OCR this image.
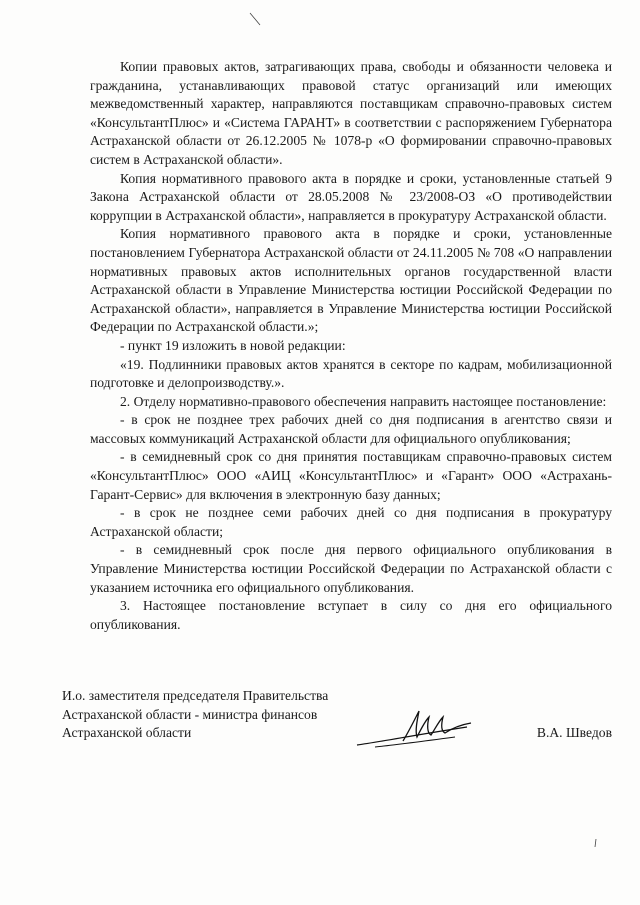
Копии правовых актов, затрагивающих права, свободы и обязанности человека и гражданина, устанавливающих правовой статус организаций или имеющих межведомственный характер, направляются поставщикам справочно-правовых систем «КонсультантПлюс» и «Система ГАРАНТ» в соответствии с распоряжением Губернатора Астраханской области от 26.12.2005 № 1078-р «О формировании справочно-правовых систем в Астраханской области».

Копия нормативного правового акта в порядке и сроки, установленные статьей 9 Закона Астраханской области от 28.05.2008 № 23/2008-ОЗ «О противодействии коррупции в Астраханской области», направляется в прокуратуру Астраханской области.

Копия нормативного правового акта в порядке и сроки, установленные постановлением Губернатора Астраханской области от 24.11.2005 № 708 «О направлении нормативных правовых актов исполнительных органов государственной власти Астраханской области в Управление Министерства юстиции Российской Федерации по Астраханской области», направляется в Управление Министерства юстиции Российской Федерации по Астраханской области.»;

- пункт 19 изложить в новой редакции:

«19. Подлинники правовых актов хранятся в секторе по кадрам, мобилизационной подготовке и делопроизводству.».

2. Отделу нормативно-правового обеспечения направить настоящее постановление:

- в срок не позднее трех рабочих дней со дня подписания в агентство связи и массовых коммуникаций Астраханской области для официального опубликования;

- в семидневный срок со дня принятия поставщикам справочно-правовых систем «КонсультантПлюс» ООО «АИЦ «КонсультантПлюс» и «Гарант» ООО «Астрахань-Гарант-Сервис» для включения в электронную базу данных;

- в срок не позднее семи рабочих дней со дня подписания в прокуратуру Астраханской области;

- в семидневный срок после дня первого официального опубликования в Управление Министерства юстиции Российской Федерации по Астраханской области с указанием источника его официального опубликования.

3. Настоящее постановление вступает в силу со дня его официального опубликования.

И.о. заместителя председателя Правительства
Астраханской области - министра финансов
Астраханской области	В.А. Шведов
